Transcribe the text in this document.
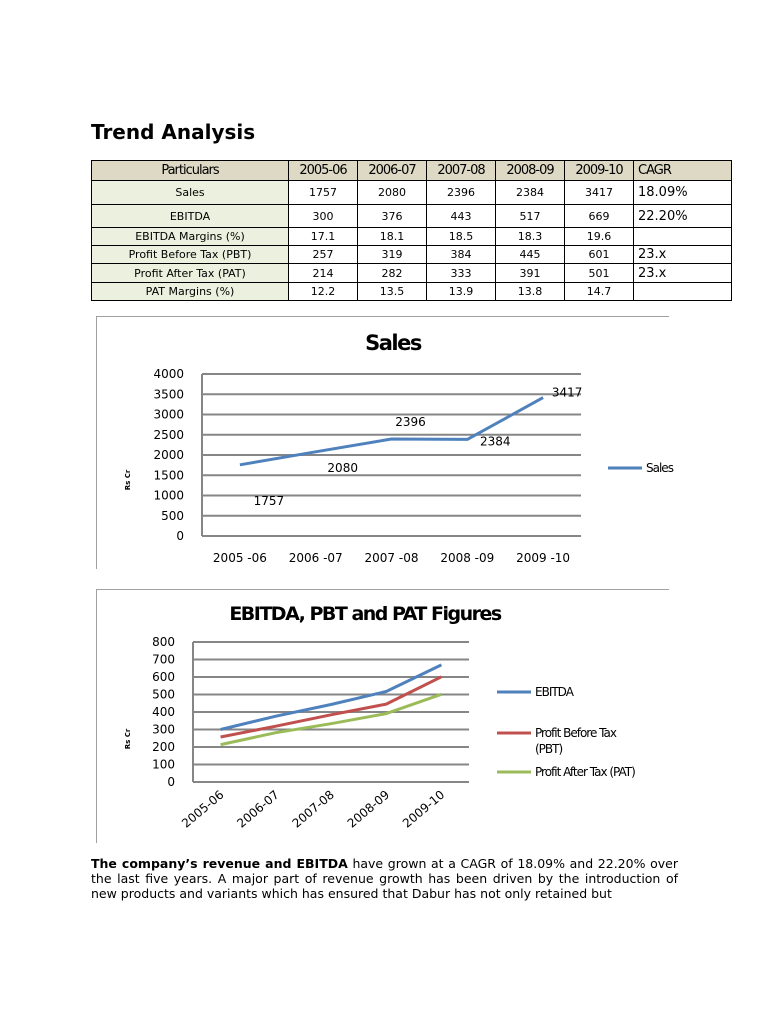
Trend Analysis
Particulars	2005-06	2006-07	2007-08	2008-09	2009-10	CAGR
Sales	1757	2080	2396	2384	3417	18.09%
EBITDA	300	376	443	517	669	22.20%
EBITDA Margins (%)	17.1	18.1	18.5	18.3	19.6	
Profit Before Tax (PBT)	257	319	384	445	601	23.x
Profit After Tax (PAT)	214	282	333	391	501	23.x
PAT Margins (%)	12.2	13.5	13.9	13.8	14.7	
Sales
0
500
1000
1500
2000
2500
3000
3500
4000
Rs Cr
2005 -06 2006 -07 2007 -08 2008 -09 2009 -10
Sales
1757
2080
2396
2384
3417
EBITDA, PBT and PAT Figures
0
100
200
300
400
500
600
700
800
Rs Cr
2005-06 2006-07 2007-08 2008-09 2009-10
EBITDA
Profit Before Tax
(PBT)
Profit After Tax (PAT)
The company’s revenue and EBITDA have grown at a CAGR of 18.09% and 22.20% over the last five years. A major part of revenue growth has been driven by the introduction of new products and variants which has ensured that Dabur has not only retained but
